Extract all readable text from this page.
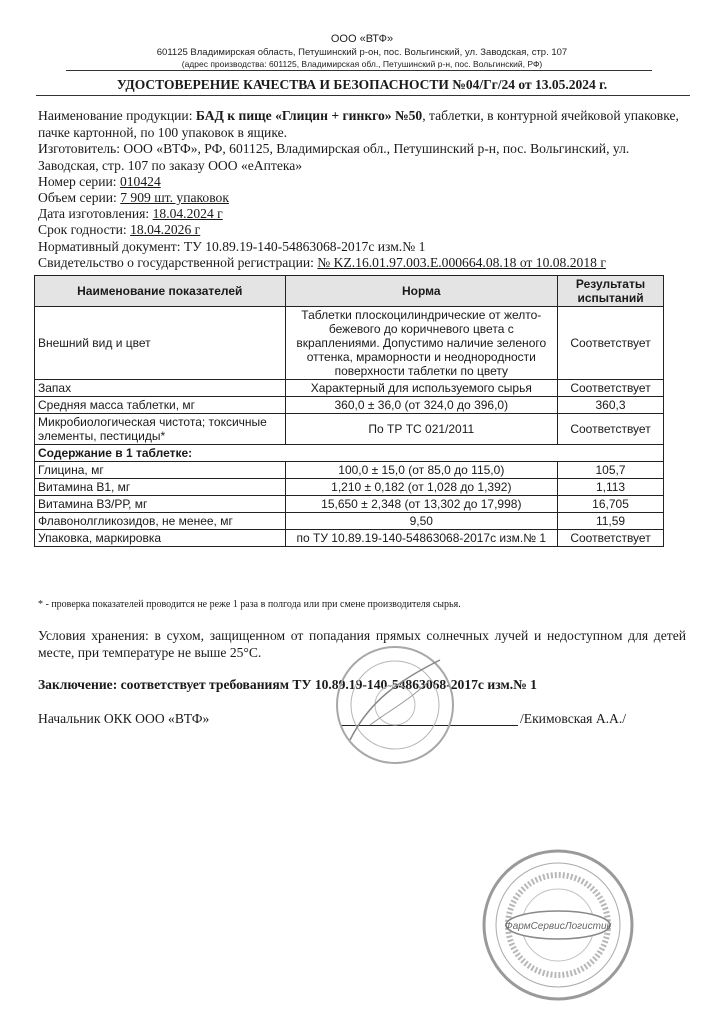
ООО «ВТФ»
601125 Владимирская область, Петушинский р-он, пос. Вольгинский, ул. Заводская, стр. 107
(адрес производства: 601125, Владимирская обл., Петушинский р-н, пос. Вольгинский, РФ)
УДОСТОВЕРЕНИЕ КАЧЕСТВА И БЕЗОПАСНОСТИ №04/Гг/24 от 13.05.2024 г.
Наименование продукции: БАД к пище «Глицин + гинкго» №50, таблетки, в контурной ячейковой упаковке, пачке картонной, по 100 упаковок в ящике.
Изготовитель: ООО «ВТФ», РФ, 601125, Владимирская обл., Петушинский р-н, пос. Вольгинский, ул. Заводская, стр. 107 по заказу ООО «еАптека»
Номер серии: 010424
Объем серии: 7 909 шт. упаковок
Дата изготовления: 18.04.2024 г
Срок годности: 18.04.2026 г
Нормативный документ: ТУ 10.89.19-140-54863068-2017с изм.№ 1
Свидетельство о государственной регистрации: № KZ.16.01.97.003.E.000664.08.18 от 10.08.2018 г
Наименование показателей	Норма	Результаты испытаний
Внешний вид и цвет	Таблетки плоскоцилиндрические от желто-бежевого до коричневого цвета с вкраплениями. Допустимо наличие зеленого оттенка, мраморности и неоднородности поверхности таблетки по цвету	Соответствует
Запах	Характерный для используемого сырья	Соответствует
Средняя масса таблетки, мг	360,0 ± 36,0 (от 324,0 до 396,0)	360,3
Микробиологическая чистота; токсичные элементы, пестициды*	По ТР ТС 021/2011	Соответствует
Содержание в 1 таблетке:		
Глицина, мг	100,0 ± 15,0 (от 85,0 до 115,0)	105,7
Витамина В1, мг	1,210 ± 0,182 (от 1,028 до 1,392)	1,113
Витамина В3/РР, мг	15,650 ± 2,348 (от 13,302 до 17,998)	16,705
Флавонолгликозидов, не менее, мг	9,50	11,59
Упаковка, маркировка	по ТУ 10.89.19-140-54863068-2017с изм.№ 1	Соответствует
* - проверка показателей проводится не реже 1 раза в полгода или при смене производителя сырья.
Условия хранения: в сухом, защищенном от попадания прямых солнечных лучей и недоступном для детей месте, при температуре не выше 25°С.
Заключение: соответствует требованиям ТУ 10.89.19-140-54863068-2017с изм.№ 1
Начальник ОКК ООО «ВТФ»	/Екимовская А.А./
ФармСервисЛогистик
